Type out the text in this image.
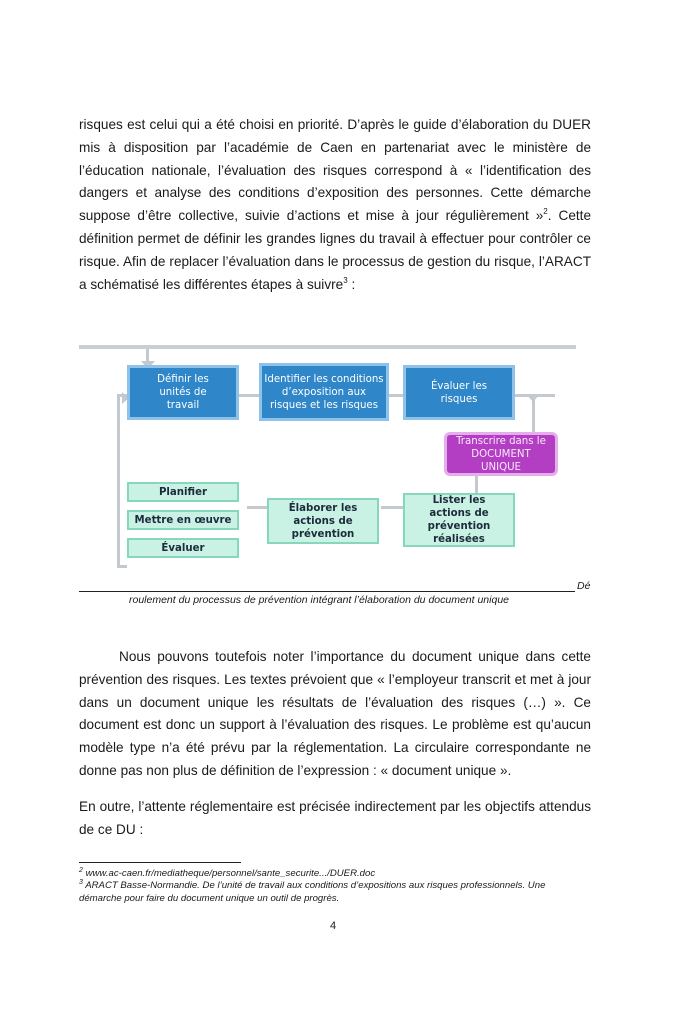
risques est celui qui a été choisi en priorité. D’après le guide d’élaboration du DUER
mis à disposition par l’académie de Caen en partenariat avec le ministère de
l’éducation nationale, l’évaluation des risques correspond à « l’identification des
dangers et analyse des conditions d’exposition des personnes. Cette démarche
suppose d’être collective, suivie d’actions et mise à jour régulièrement »$^2$. Cette
définition permet de définir les grandes lignes du travail à effectuer pour contrôler ce
risque. Afin de replacer l’évaluation dans le processus de gestion du risque, l’ARACT
a schématisé les différentes étapes à suivre$^3$ :
Définir les unités de travail
Identifier les conditions d’exposition aux risques et les risques
Évaluer les risques
Transcrire dans le DOCUMENT UNIQUE
Lister les actions de prévention réalisées
Élaborer les actions de prévention
Planifier
Mettre en œuvre
Évaluer
Dé
roulement du processus de prévention intégrant l’élaboration du document unique
Nous pouvons toutefois noter l’importance du document unique dans cette
prévention des risques. Les textes prévoient que « l’employeur transcrit et met à jour
dans un document unique les résultats de l’évaluation des risques (…) ». Ce
document est donc un support à l’évaluation des risques. Le problème est qu’aucun
modèle type n’a été prévu par la réglementation. La circulaire correspondante ne
donne pas non plus de définition de l’expression : « document unique ».
En outre, l’attente réglementaire est précisée indirectement par les objectifs attendus
de ce DU :
$^2$ www.ac-caen.fr/mediatheque/personnel/sante_securite.../DUER.doc
$^3$ ARACT Basse-Normandie. De l’unité de travail aux conditions d’expositions aux risques professionnels. Une
démarche pour faire du document unique un outil de progrès.
4
